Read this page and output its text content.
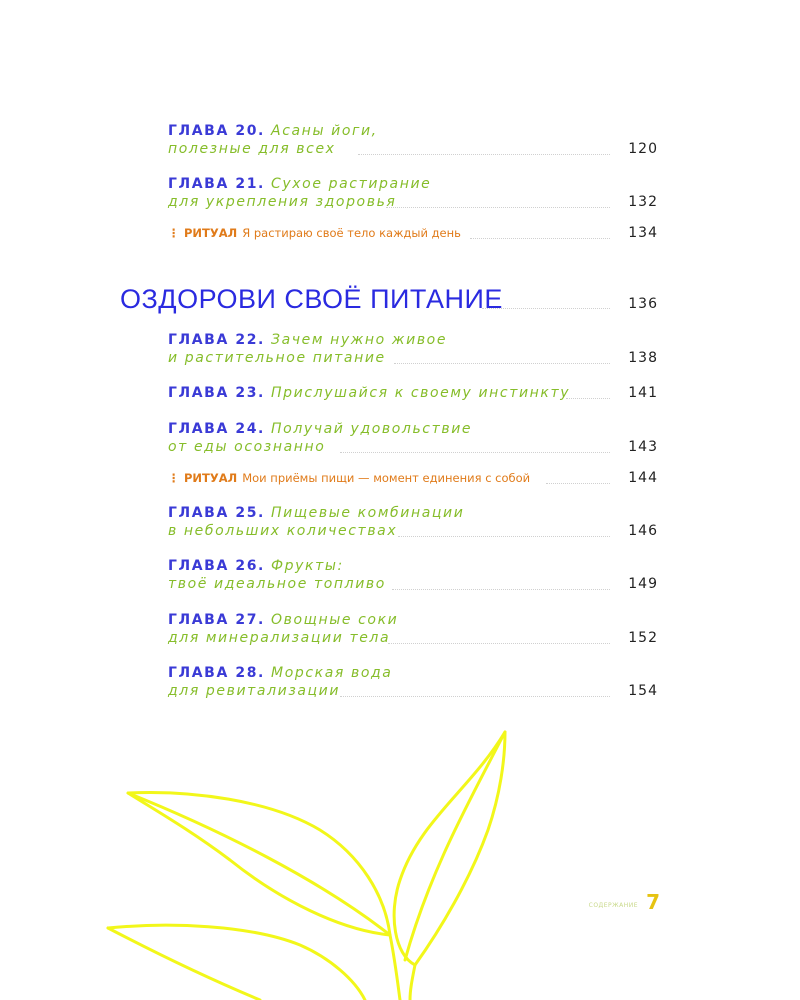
ГЛАВА 20. Асаны йоги,
полезные для всех	120
ГЛАВА 21. Сухое растирание
для укрепления здоровья	132
⋮ РИТУАЛ Я растираю своё тело каждый день	134
ОЗДОРОВИ СВОЁ ПИТАНИЕ	136
ГЛАВА 22. Зачем нужно живое
и растительное питание	138
ГЛАВА 23. Прислушайся к своему инстинкту	141
ГЛАВА 24. Получай удовольствие
от еды осознанно	143
⋮ РИТУАЛ Мои приёмы пищи — момент единения с собой	144
ГЛАВА 25. Пищевые комбинации
в небольших количествах	146
ГЛАВА 26. Фрукты:
твоё идеальное топливо	149
ГЛАВА 27. Овощные соки
для минерализации тела	152
ГЛАВА 28. Морская вода
для ревитализации	154
содержание 7
